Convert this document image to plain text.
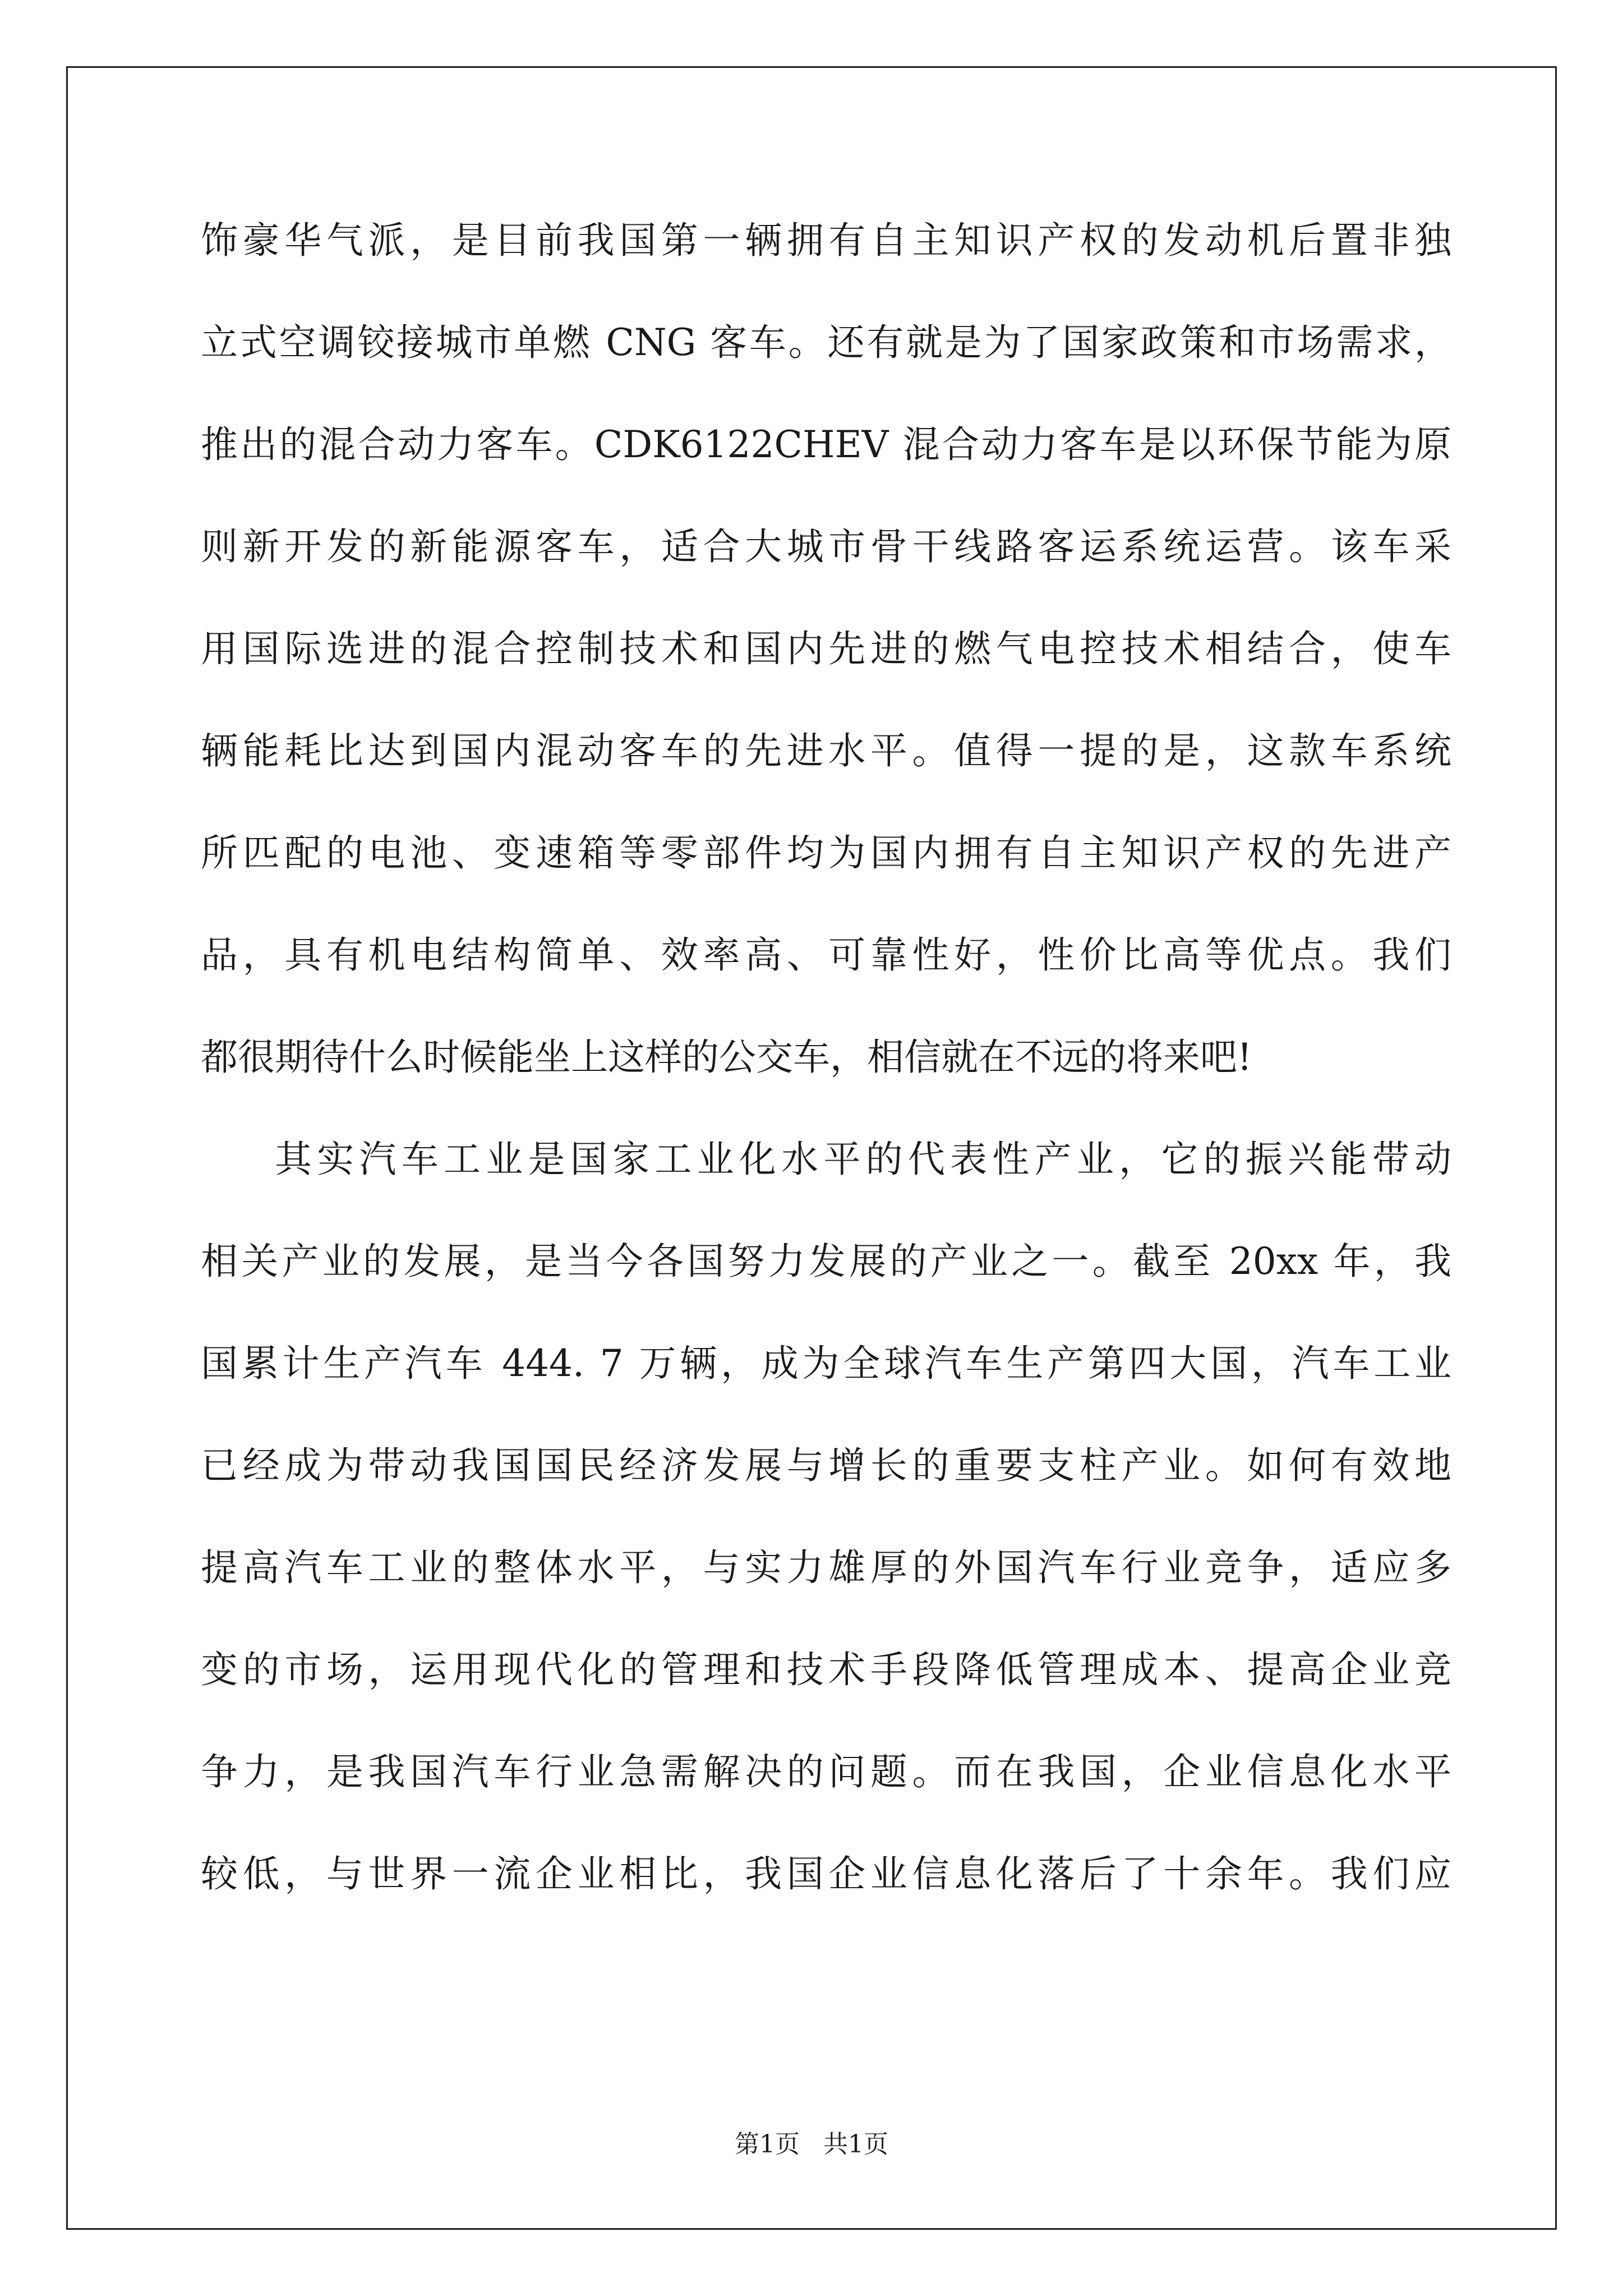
饰豪华气派，是目前我国第一辆拥有自主知识产权的发动机后置非独
立式空调铰接城市单燃 CNG 客车。还有就是为了国家政策和市场需求，
推出的混合动力客车。CDK6122CHEV 混合动力客车是以环保节能为原
则新开发的新能源客车，适合大城市骨干线路客运系统运营。该车采
用国际选进的混合控制技术和国内先进的燃气电控技术相结合，使车
辆能耗比达到国内混动客车的先进水平。值得一提的是，这款车系统
所匹配的电池、变速箱等零部件均为国内拥有自主知识产权的先进产
品，具有机电结构简单、效率高、可靠性好，性价比高等优点。我们
都很期待什么时候能坐上这样的公交车，相信就在不远的将来吧!
其实汽车工业是国家工业化水平的代表性产业，它的振兴能带动
相关产业的发展，是当今各国努力发展的产业之一。截至 20xx 年，我
国累计生产汽车 444. 7 万辆，成为全球汽车生产第四大国，汽车工业
已经成为带动我国国民经济发展与增长的重要支柱产业。如何有效地
提高汽车工业的整体水平，与实力雄厚的外国汽车行业竞争，适应多
变的市场，运用现代化的管理和技术手段降低管理成本、提高企业竞
争力，是我国汽车行业急需解决的问题。而在我国，企业信息化水平
较低，与世界一流企业相比，我国企业信息化落后了十余年。我们应
第1页   共1页
